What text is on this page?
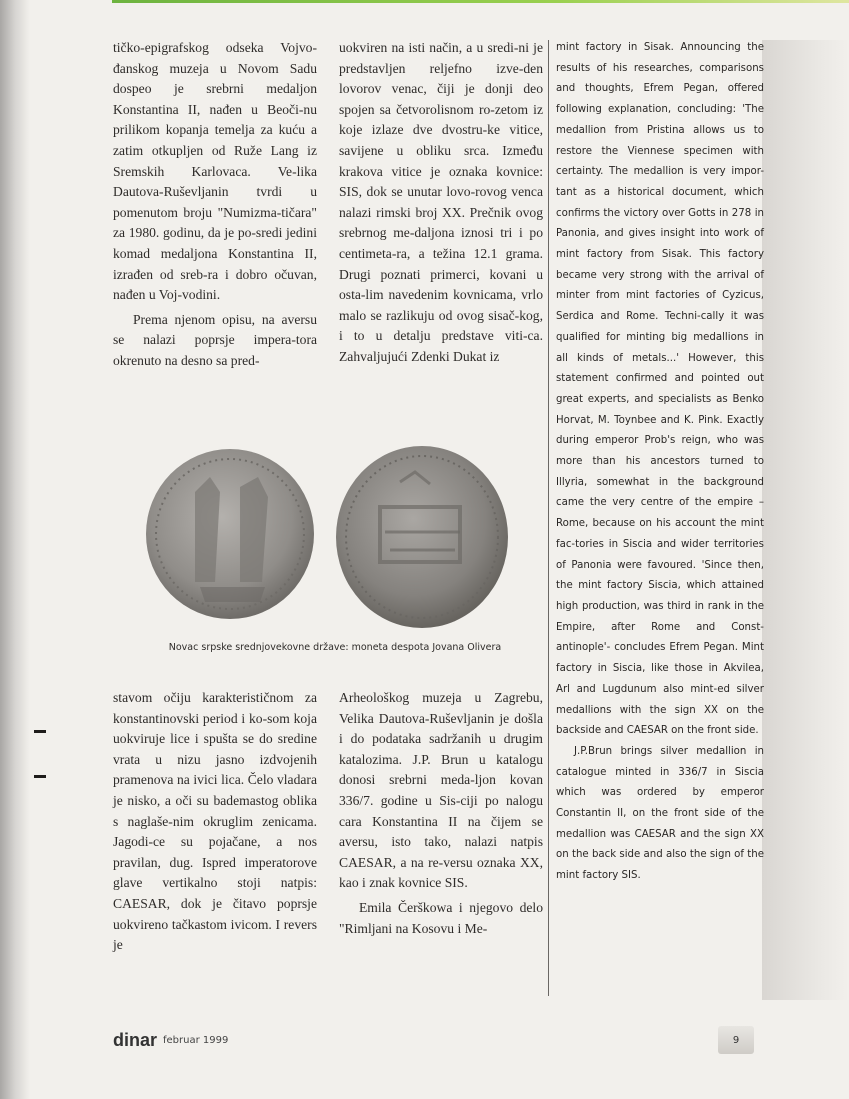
tičko-epigrafskog odseka Vojvo-đanskog muzeja u Novom Sadu dospeo je srebrni medaljon Konstantina II, nađen u Beoči-nu prilikom kopanja temelja za kuću a zatim otkupljen od Ruže Lang iz Sremskih Karlovaca. Ve-lika Dautova-Ruševljanin tvrdi u pomenutom broju "Numizma-tičara" za 1980. godinu, da je po-sredi jedini komad medaljona Konstantina II, izrađen od sreb-ra i dobro očuvan, nađen u Voj-vodini.

Prema njenom opisu, na aversu se nalazi poprsje impera-tora okrenuto na desno sa pred-

uokviren na isti način, a u sredi-ni je predstavljen reljefno izve-den lovorov venac, čiji je donji deo spojen sa četvorolisnom ro-zetom iz koje izlaze dve dvostru-ke vitice, savijene u obliku srca. Između krakova vitice je oznaka kovnice: SIS, dok se unutar lovo-rovog venca nalazi rimski broj XX. Prečnik ovog srebrnog me-daljona iznosi tri i po centimeta-ra, a težina 12.1 grama. Drugi poznati primerci, kovani u osta-lim navedenim kovnicama, vrlo malo se razlikuju od ovog sisač-kog, i to u detalju predstave viti-ca. Zahvaljujući Zdenki Dukat iz

Novac srpske srednjovekovne države: moneta despota Jovana Olivera

stavom očiju karakterističnom za konstantinovski period i ko-som koja uokviruje lice i spušta se do sredine vrata u nizu jasno izdvojenih pramenova na ivici lica. Čelo vladara je nisko, a oči su bademastog oblika s naglaše-nim okruglim zenicama. Jagodi-ce su pojačane, a nos pravilan, dug. Ispred imperatorove glave vertikalno stoji natpis: CAESAR, dok je čitavo poprsje uokvireno tačkastom ivicom. I revers je

Arheološkog muzeja u Zagrebu, Velika Dautova-Ruševljanin je došla i do podataka sadržanih u drugim katalozima. J.P. Brun u katalogu donosi srebrni meda-ljon kovan 336/7. godine u Sis-ciji po nalogu cara Konstantina II na čijem se aversu, isto tako, nalazi natpis CAESAR, a na re-versu oznaka XX, kao i znak kovnice SIS.

Emila Čerškowa i njegovo delo "Rimljani na Kosovu i Me-

mint factory in Sisak. Announcing the results of his researches, comparisons and thoughts, Efrem Pegan, offered following explanation, concluding: 'The medallion from Pristina allows us to restore the Viennese specimen with certainty. The medallion is very impor-tant as a historical document, which confirms the victory over Gotts in 278 in Panonia, and gives insight into work of mint factory from Sisak. This factory became very strong with the arrival of minter from mint factories of Cyzicus, Serdica and Rome. Techni-cally it was qualified for minting big medallions in all kinds of metals...' However, this statement confirmed and pointed out great experts, and specialists as Benko Horvat, M. Toynbee and K. Pink. Exactly during emperor Prob's reign, who was more than his ancestors turned to Illyria, somewhat in the background came the very centre of the empire – Rome, because on his account the mint fac-tories in Siscia and wider territories of Panonia were favoured. 'Since then, the mint factory Siscia, which attained high production, was third in rank in the Empire, after Rome and Const-antinople'- concludes Efrem Pegan. Mint factory in Siscia, like those in Akvilea, Arl and Lugdunum also mint-ed silver medallions with the sign XX on the backside and CAESAR on the front side.

J.P.Brun brings silver medallion in catalogue minted in 336/7 in Siscia which was ordered by emperor Constantin II, on the front side of the medallion was CAESAR and the sign XX on the back side and also the sign of the mint factory SIS.

dinar februar 1999	9
